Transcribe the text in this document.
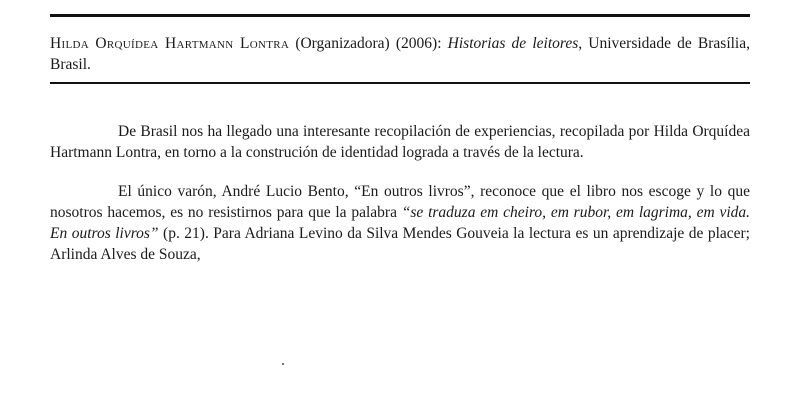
Hilda Orquídea Hartmann Lontra (Organizadora) (2006): Historias de leitores, Universidade de Brasília, Brasil.

De Brasil nos ha llegado una interesante recopilación de experiencias, recopilada por Hilda Orquídea Hartmann Lontra, en torno a la construción de identidad lograda a través de la lectura.

El único varón, André Lucio Bento, “En outros livros”, reconoce que el libro nos escoge y lo que nosotros hacemos, es no resistirnos para que la palabra “se traduza em cheiro, em rubor, em lagrima, em vida. En outros livros” (p. 21). Para Adriana Levino da Silva Mendes Gouveia la lectura es un aprendizaje de placer; Arlinda Alves de Souza,
